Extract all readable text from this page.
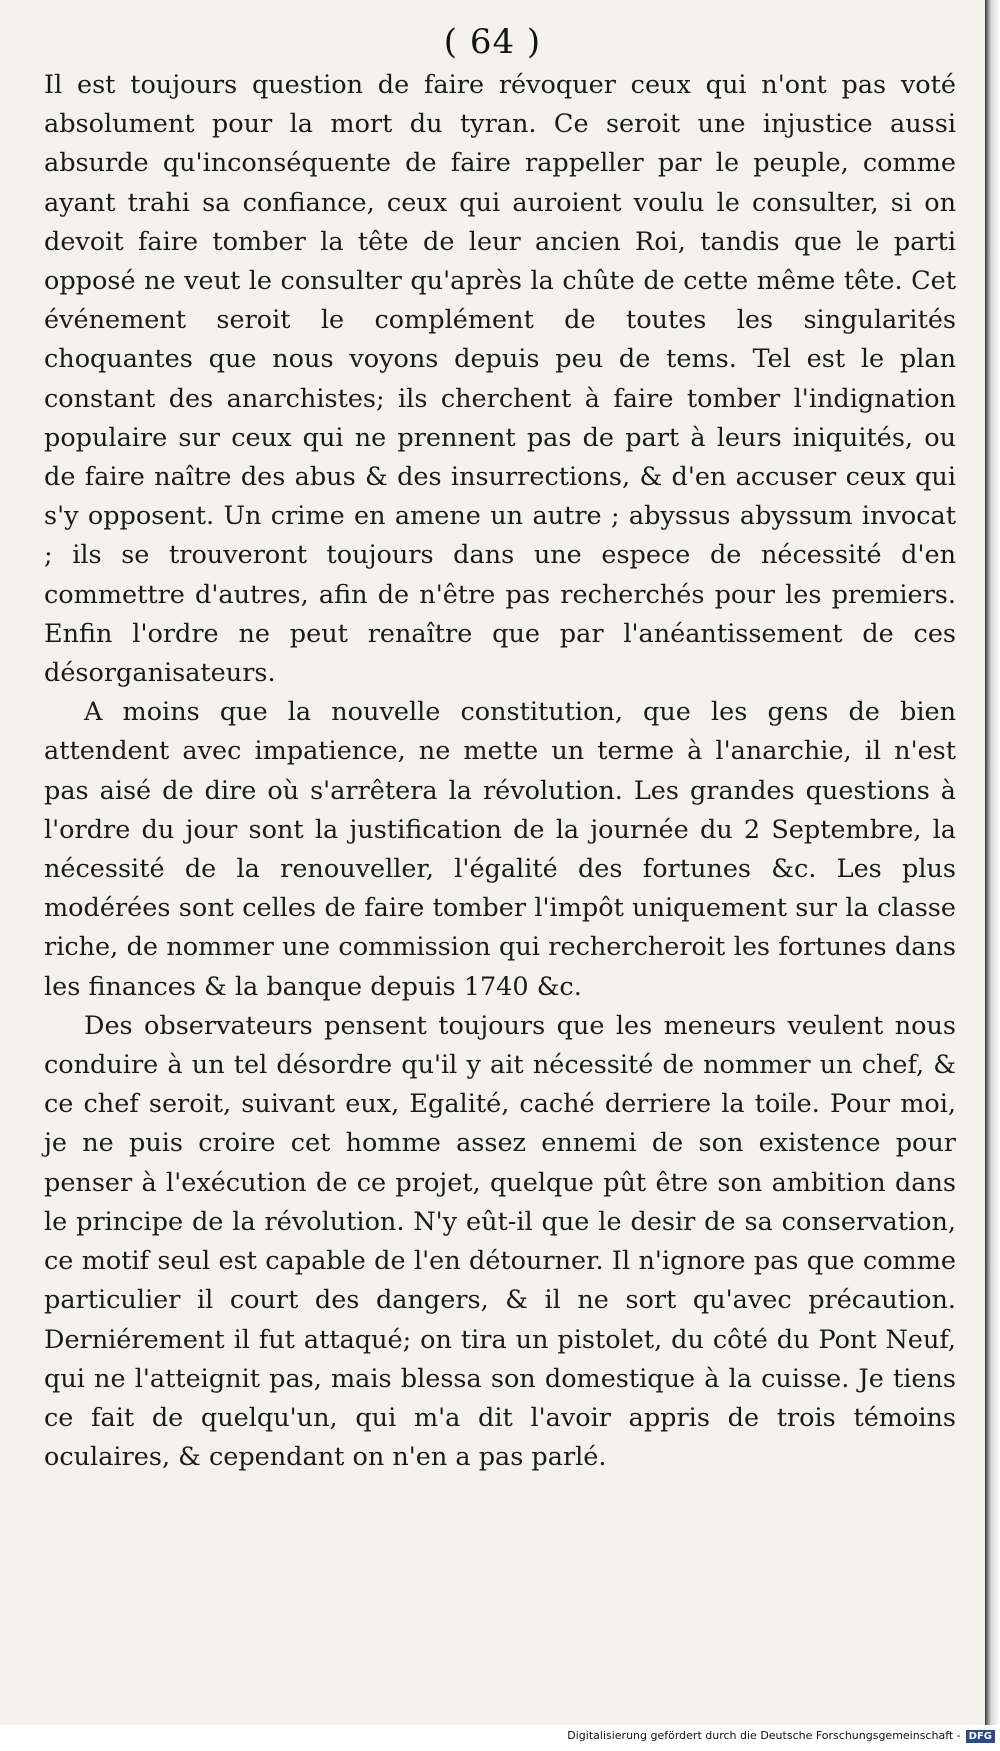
( 64 )

Il est toujours question de faire révoquer ceux qui n'ont pas voté absolument pour la mort du tyran. Ce seroit une injustice aussi absurde qu'inconséquente de faire rappeller par le peuple, comme ayant trahi sa confiance, ceux qui auroient voulu le consulter, si on devoit faire tomber la tête de leur ancien Roi, tandis que le parti opposé ne veut le consulter qu'après la chûte de cette même tête. Cet événement seroit le complément de toutes les singularités choquantes que nous voyons depuis peu de tems. Tel est le plan constant des anarchistes; ils cherchent à faire tomber l'indignation populaire sur ceux qui ne prennent pas de part à leurs iniquités, ou de faire naître des abus & des insurrections, & d'en accuser ceux qui s'y opposent. Un crime en amene un autre ; abyssus abyssum invocat ; ils se trouveront toujours dans une espece de nécessité d'en commettre d'autres, afin de n'être pas recherchés pour les premiers. Enfin l'ordre ne peut renaître que par l'anéantissement de ces désorganisateurs.

A moins que la nouvelle constitution, que les gens de bien attendent avec impatience, ne mette un terme à l'anarchie, il n'est pas aisé de dire où s'arrêtera la révolution. Les grandes questions à l'ordre du jour sont la justification de la journée du 2 Septembre, la nécessité de la renouveller, l'égalité des fortunes &c. Les plus modérées sont celles de faire tomber l'impôt uniquement sur la classe riche, de nommer une commission qui rechercheroit les fortunes dans les finances & la banque depuis 1740 &c.

Des observateurs pensent toujours que les meneurs veulent nous conduire à un tel désordre qu'il y ait nécessité de nommer un chef, & ce chef seroit, suivant eux, Egalité, caché derriere la toile. Pour moi, je ne puis croire cet homme assez ennemi de son existence pour penser à l'exécution de ce projet, quelque pût être son ambition dans le principe de la révolution. N'y eût-il que le desir de sa conservation, ce motif seul est capable de l'en détourner. Il n'ignore pas que comme particulier il court des dangers, & il ne sort qu'avec précaution. Derniérement il fut attaqué; on tira un pistolet, du côté du Pont Neuf, qui ne l'atteignit pas, mais blessa son domestique à la cuisse. Je tiens ce fait de quelqu'un, qui m'a dit l'avoir appris de trois témoins oculaires, & cependant on n'en a pas parlé.

Digitalisierung gefördert durch die Deutsche Forschungsgemeinschaft - DFG
